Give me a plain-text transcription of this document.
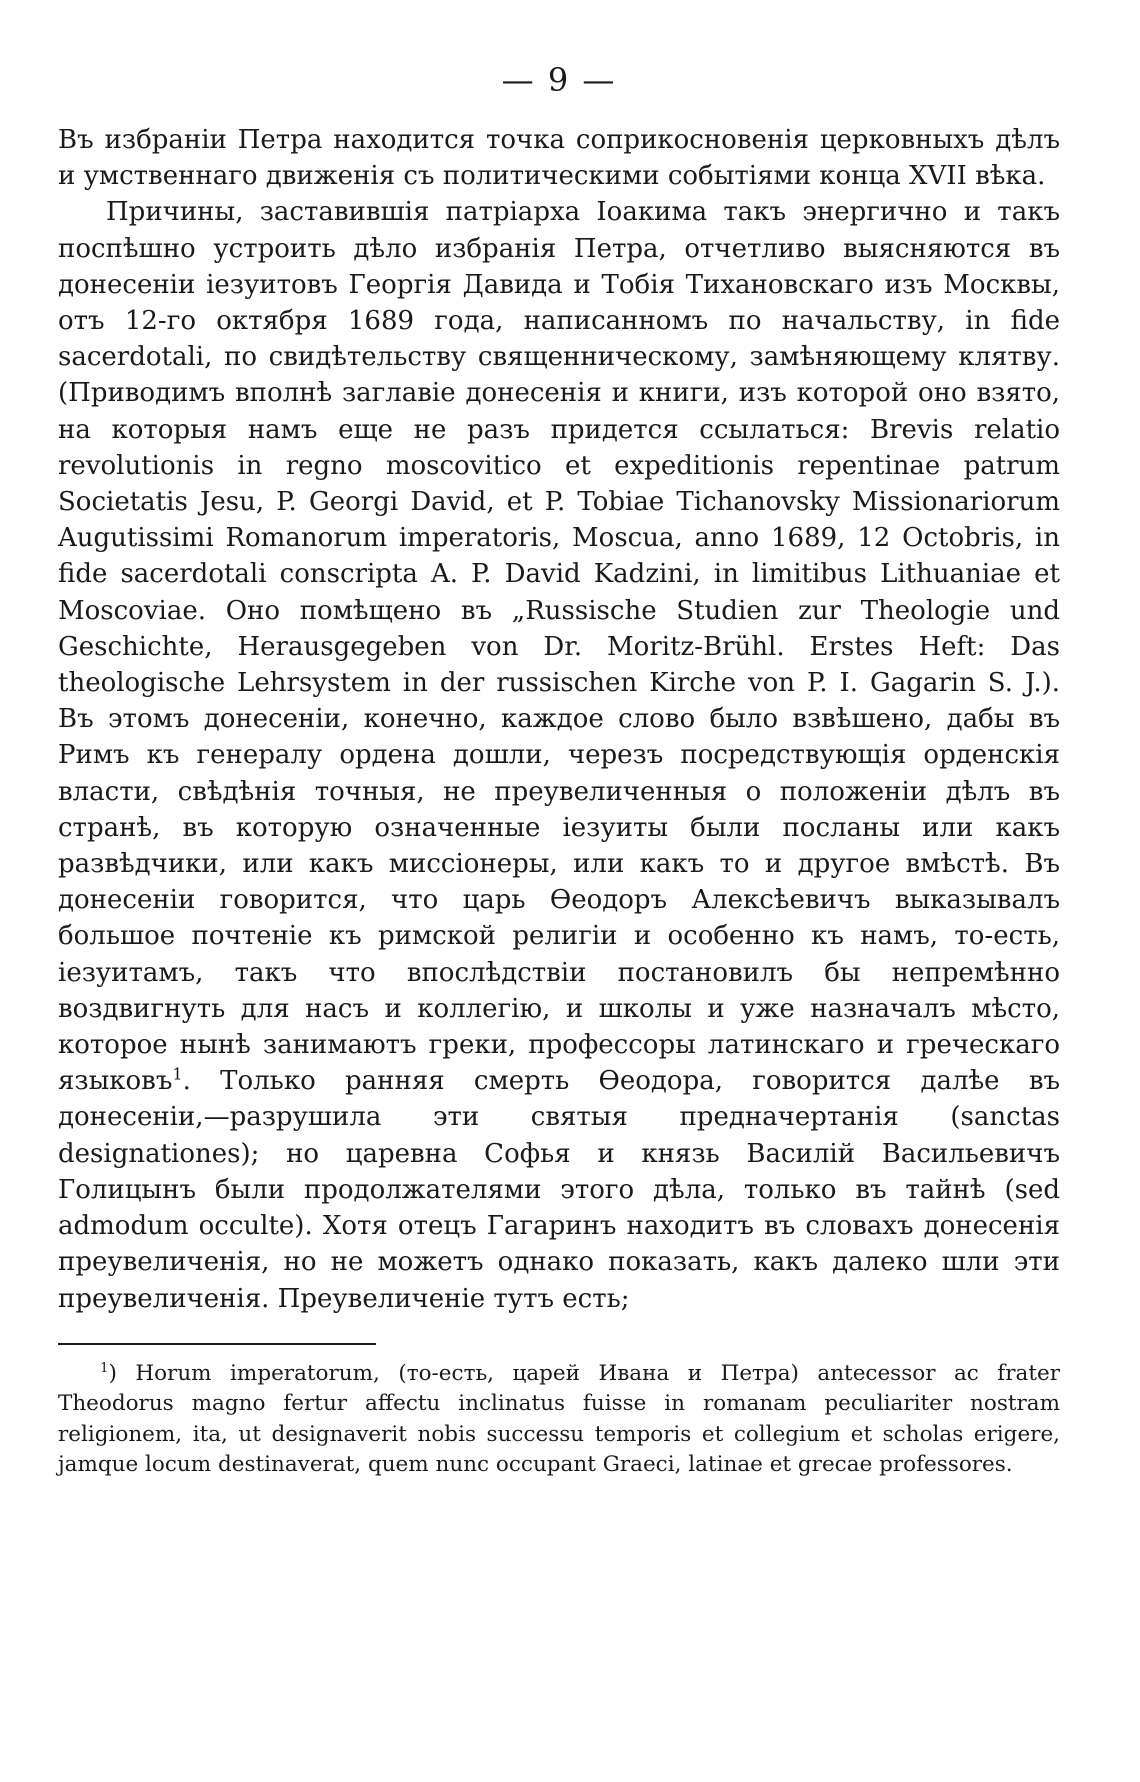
— 9 —

Въ избраніи Петра находится точка соприкосновенія церковныхъ дѣлъ и умственнаго движенія съ политическими событіями конца XVII вѣка.

Причины, заставившія патріарха Іоакима такъ энергично и такъ поспѣшно устроить дѣло избранія Петра, отчетливо выясняются въ донесеніи іезуитовъ Георгія Давида и Тобія Тихановскаго изъ Москвы, отъ 12-го октября 1689 года, написанномъ по начальству, in fide sacerdotali, по свидѣтельству священническому, замѣняющему клятву. (Приводимъ вполнѣ заглавіе донесенія и книги, изъ которой оно взято, на которыя намъ еще не разъ придется ссылаться: Brevis relatio revolutionis in regno moscovitico et expeditionis repentinae patrum Societatis Jesu, P. Georgi David, et P. Tobiae Tichanovsky Missionariorum Augutissimi Romanorum imperatoris, Moscua, anno 1689, 12 Octobris, in fide sacerdotali conscripta A. P. David Kadzini, in limitibus Lithuaniae et Moscoviae. Оно помѣщено въ „Russische Studien zur Theologie und Geschichte, Herausgegeben von Dr. Moritz-Brühl. Erstes Heft: Das theologische Lehrsystem in der russischen Kirche von P. I. Gagarin S. J.). Въ этомъ донесеніи, конечно, каждое слово было взвѣшено, дабы въ Римъ къ генералу ордена дошли, черезъ посредствующія орденскія власти, свѣдѣнія точныя, не преувеличенныя о положеніи дѣлъ въ странѣ, въ которую означенные іезуиты были посланы или какъ развѣдчики, или какъ миссіонеры, или какъ то и другое вмѣстѣ. Въ донесеніи говорится, что царь Ѳеодоръ Алексѣевичъ выказывалъ большое почтеніе къ римской религіи и особенно къ намъ, то-есть, іезуитамъ, такъ что впослѣдствіи постановилъ бы непремѣнно воздвигнуть для насъ и коллегію, и школы и уже назначалъ мѣсто, которое нынѣ занимаютъ греки, профессоры латинскаго и греческаго языковъ$^1$. Только ранняя смерть Ѳеодора, говорится далѣе въ донесеніи,—разрушила эти святыя предначертанія (sanctas designationes); но царевна Софья и князь Василій Васильевичъ Голицынъ были продолжателями этого дѣла, только въ тайнѣ (sed admodum occulte). Хотя отецъ Гагаринъ находитъ въ словахъ донесенія преувеличенія, но не можетъ однако показать, какъ далеко шли эти преувеличенія. Преувеличеніе тутъ есть;

$^1$) Horum imperatorum, (то-есть, царей Ивана и Петра) antecessor ac frater Theodorus magno fertur affectu inclinatus fuisse in romanam peculiariter nostram religionem, ita, ut designaverit nobis successu temporis et collegium et scholas erigere, jamque locum destinaverat, quem nunc occupant Graeci, latinae et grecae professores.
